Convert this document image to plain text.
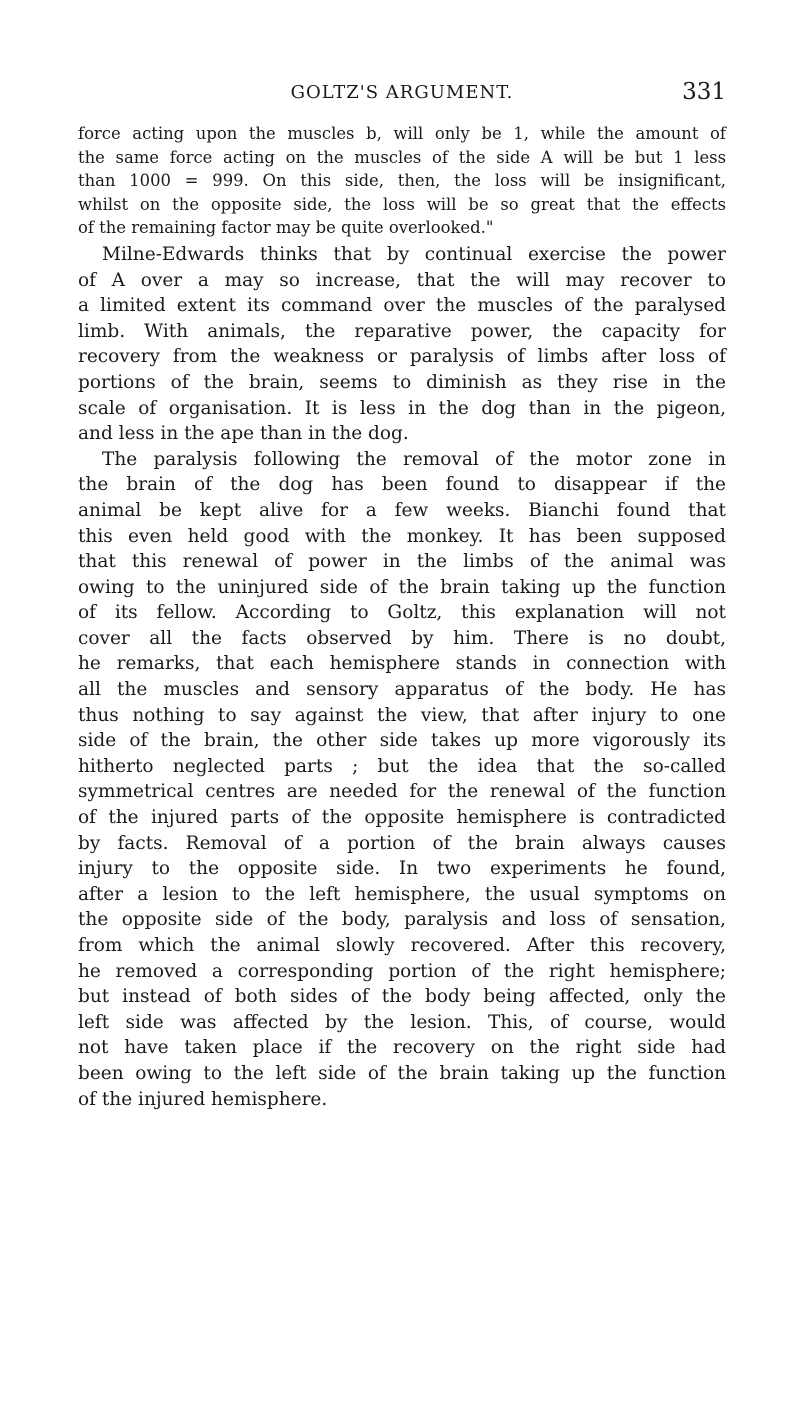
GOLTZ'S ARGUMENT.	331
force acting upon the muscles b, will only be 1, while the amount of
the same force acting on the muscles of the side A will be but 1 less
than 1000 = 999. On this side, then, the loss will be insignificant,
whilst on the opposite side, the loss will be so great that the effects
of the remaining factor may be quite overlooked."
Milne-Edwards thinks that by continual exercise the power
of A over a may so increase, that the will may recover to
a limited extent its command over the muscles of the paralysed
limb. With animals, the reparative power, the capacity for
recovery from the weakness or paralysis of limbs after loss of
portions of the brain, seems to diminish as they rise in the
scale of organisation. It is less in the dog than in the pigeon,
and less in the ape than in the dog.
The paralysis following the removal of the motor zone in
the brain of the dog has been found to disappear if the
animal be kept alive for a few weeks. Bianchi found that
this even held good with the monkey. It has been supposed
that this renewal of power in the limbs of the animal was
owing to the uninjured side of the brain taking up the function
of its fellow. According to Goltz, this explanation will not
cover all the facts observed by him. There is no doubt,
he remarks, that each hemisphere stands in connection with
all the muscles and sensory apparatus of the body. He has
thus nothing to say against the view, that after injury to one
side of the brain, the other side takes up more vigorously its
hitherto neglected parts ; but the idea that the so-called
symmetrical centres are needed for the renewal of the function
of the injured parts of the opposite hemisphere is contradicted
by facts. Removal of a portion of the brain always causes
injury to the opposite side. In two experiments he found,
after a lesion to the left hemisphere, the usual symptoms on
the opposite side of the body, paralysis and loss of sensation,
from which the animal slowly recovered. After this recovery,
he removed a corresponding portion of the right hemisphere;
but instead of both sides of the body being affected, only the
left side was affected by the lesion. This, of course, would
not have taken place if the recovery on the right side had
been owing to the left side of the brain taking up the function
of the injured hemisphere.
